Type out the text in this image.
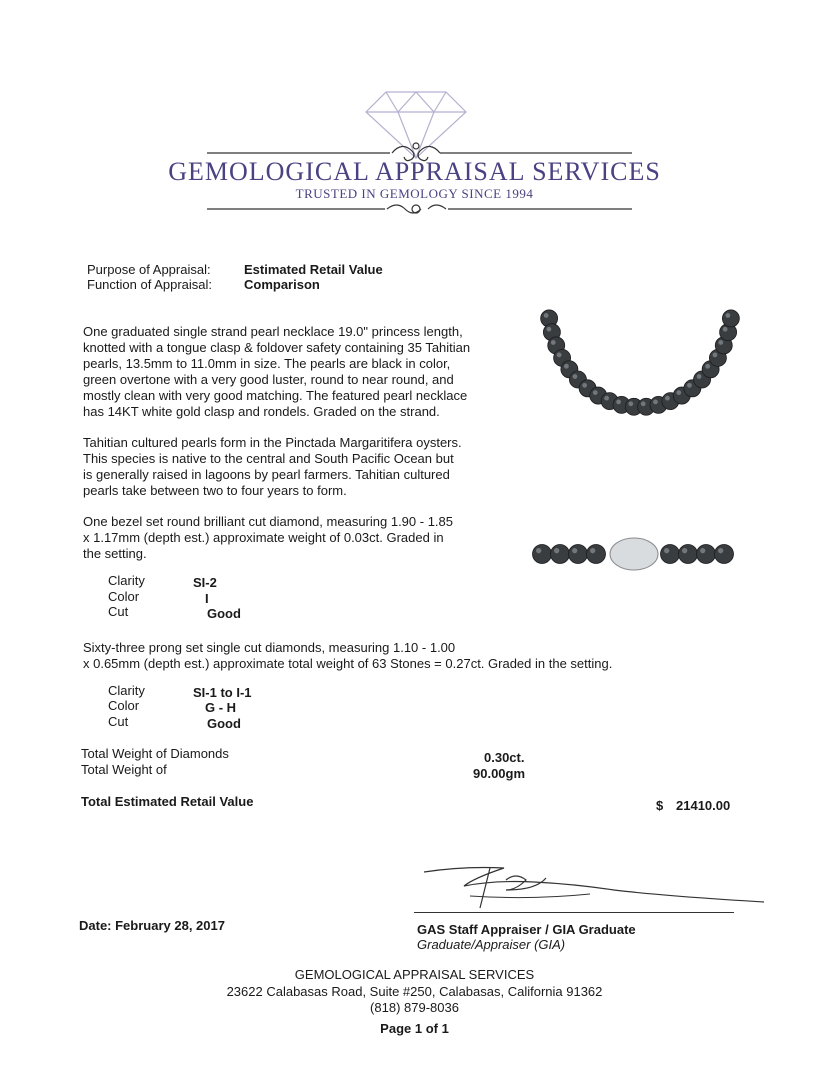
GEMOLOGICAL APPRAISAL SERVICES
TRUSTED IN GEMOLOGY SINCE 1994
Purpose of Appraisal:	Estimated Retail Value
Function of Appraisal: Comparison
One graduated single strand pearl necklace 19.0" princess length,
knotted with a tongue clasp & foldover safety containing 35 Tahitian
pearls, 13.5mm to 11.0mm in size. The pearls are black in color,
green overtone with a very good luster, round to near round, and
mostly clean with very good matching. The featured pearl necklace
has 14KT white gold clasp and rondels. Graded on the strand.
Tahitian cultured pearls form in the Pinctada Margaritifera oysters.
This species is native to the central and South Pacific Ocean but
is generally raised in lagoons by pearl farmers. Tahitian cultured
pearls take between two to four years to form.
One bezel set round brilliant cut diamond, measuring 1.90 - 1.85
x 1.17mm (depth est.) approximate weight of 0.03ct. Graded in
the setting.
Clarity	SI-2
Color	I
Cut	Good
Sixty-three prong set single cut diamonds, measuring 1.10 - 1.00
x 0.65mm (depth est.) approximate total weight of 63 Stones = 0.27ct. Graded in the setting.
Clarity	SI-1 to I-1
Color	G - H
Cut	Good
Total Weight of Diamonds	0.30ct.
Total Weight of	90.00gm
Total Estimated Retail Value	$ 21410.00
Date: February 28, 2017	GAS Staff Appraiser / GIA Graduate
Graduate/Appraiser (GIA)
GEMOLOGICAL APPRAISAL SERVICES
23622 Calabasas Road, Suite #250, Calabasas, California 91362
(818) 879-8036
Page 1 of 1
